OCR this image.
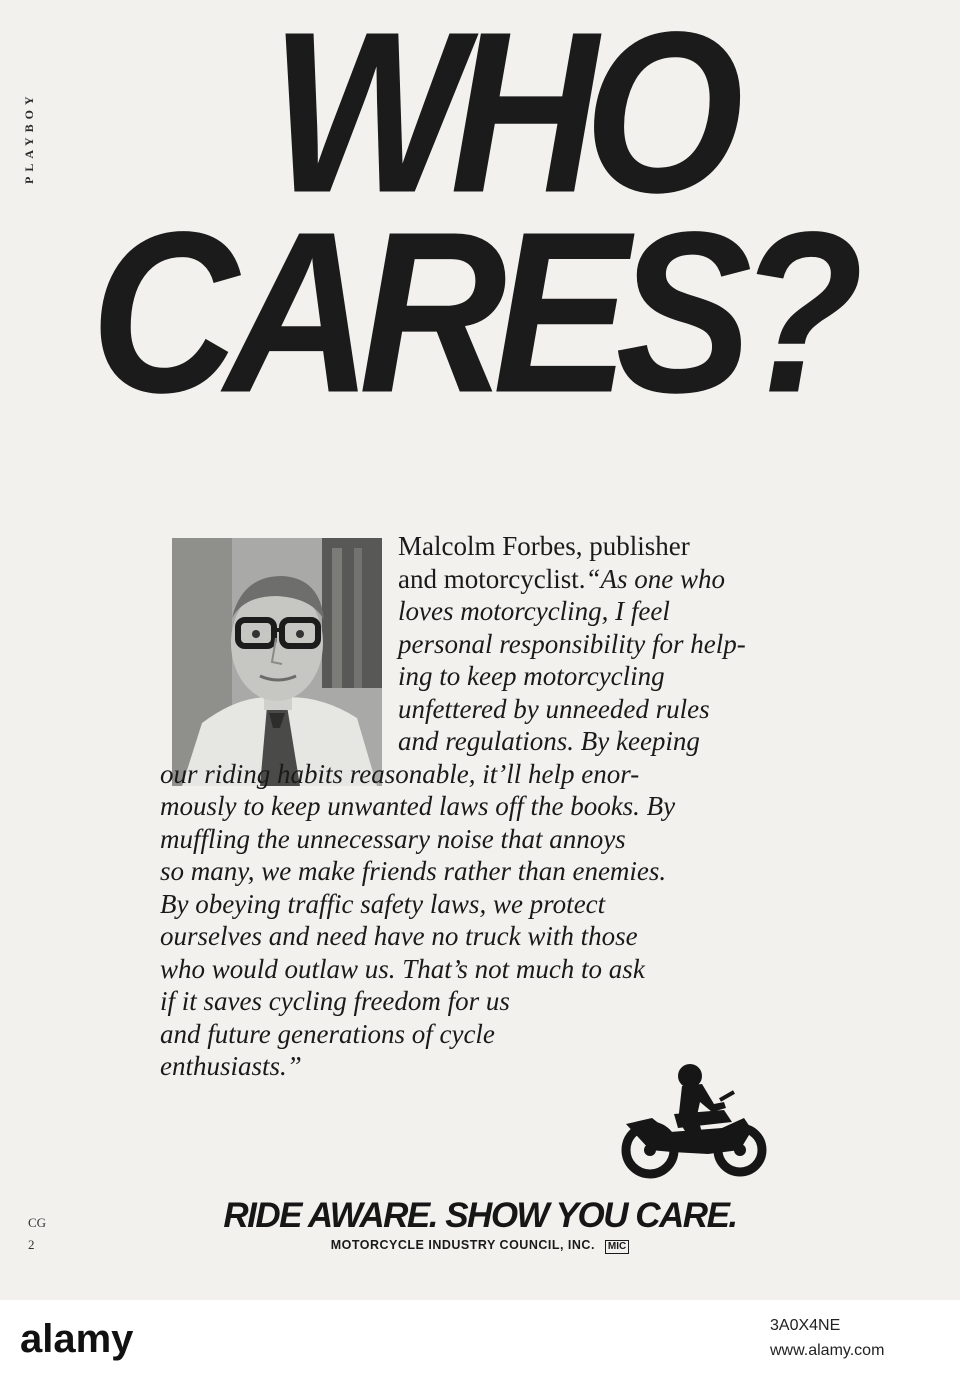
PLAYBOY	WHO
CARES?
Malcolm Forbes, publisher
and motorcyclist.“As one who
loves motorcycling, I feel
personal responsibility for help-
ing to keep motorcycling
unfettered by unneeded rules
and regulations. By keeping
our riding habits reasonable, it’ll help enor-
mously to keep unwanted laws off the books. By
muffling the unnecessary noise that annoys
so many, we make friends rather than enemies.
By obeying traffic safety laws, we protect
ourselves and need have no truck with those
who would outlaw us. That’s not much to ask
if it saves cycling freedom for us
and future generations of cycle
enthusiasts.”
RIDE AWARE. SHOW YOU CARE.
MOTORCYCLE INDUSTRY COUNCIL, INC. MIC
CG
2
alamy	3A0X4NE
www.alamy.com
